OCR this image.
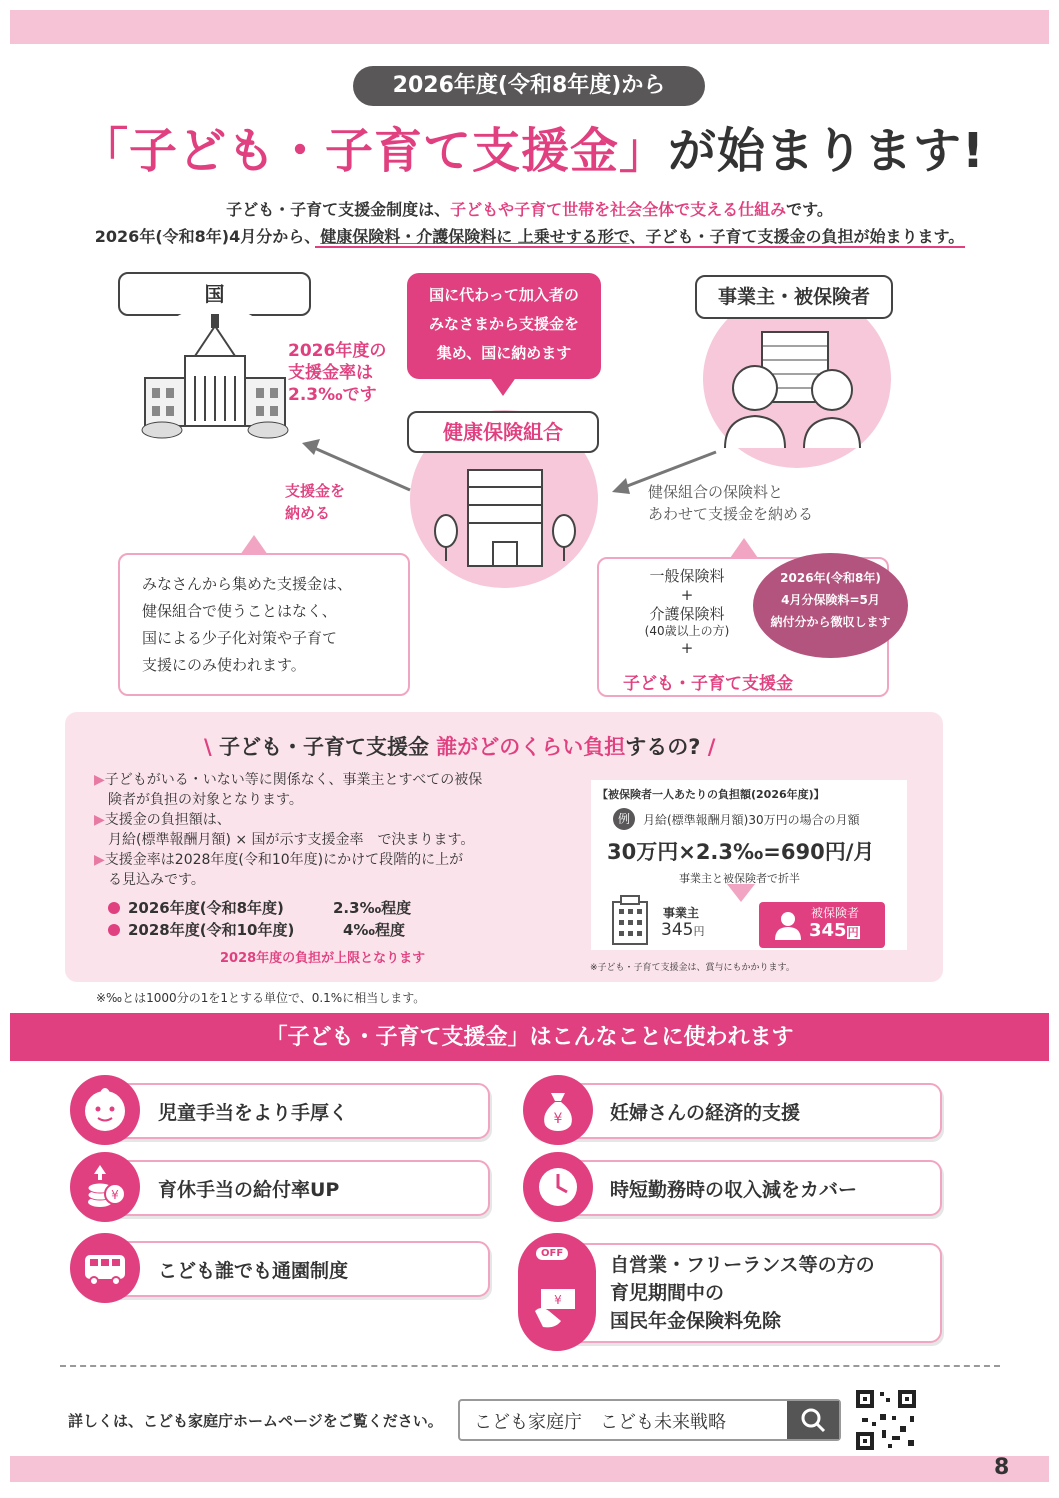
2026年度(令和8年度)から
「子ども・子育て支援金」が始まります!
子ども・子育て支援金制度は、子どもや子育て世帯を社会全体で支える仕組みです。
2026年(令和8年)4月分から、健康保険料・介護保険料に 上乗せする形で、子ども・子育て支援金の負担が始まります。
国
2026年度の
支援金率は
2.3‰です
国に代わって加入者の
みなさまから支援金を
集め、国に納めます
健康保険組合
事業主・被保険者
支援金を
納める
健保組合の保険料と
あわせて支援金を納める
みなさんから集めた支援金は、
健保組合で使うことはなく、
国による少子化対策や子育て
支援にのみ使われます。
一般保険料
+
介護保険料
(40歳以上の方)
+
子ども・子育て支援金
2026年(令和8年)
4月分保険料=5月
納付分から徴収します
\ 子ども・子育て支援金 誰がどのくらい負担するの? /
▶子どもがいる・いない等に関係なく、事業主とすべての被保
険者が負担の対象となります。
▶支援金の負担額は、
月給(標準報酬月額) × 国が示す支援金率　で決まります。
▶支援金率は2028年度(令和10年度)にかけて段階的に上が
る見込みです。
2026年度(令和8年度)	2.3‰程度
2028年度(令和10年度)	4‰程度
2028年度の負担が上限となります
【被保険者一人あたりの負担額(2026年度)】
例	月給(標準報酬月額)30万円の場合の月額
30万円×2.3‰=690円/月
事業主と被保険者で折半
事業主
345円
被保険者
345円
※子ども・子育て支援金は、賞与にもかかります。
※‰とは1000分の1を1とする単位で、0.1%に相当します。
「子ども・子育て支援金」はこんなことに使われます
児童手当をより手厚く	妊婦さんの経済的支援
¥
育休手当の給付率UP
¥	時短勤務時の収入減をカバー
こども誰でも通園制度	自営業・フリーランス等の方の
育児期間中の
国民年金保険料免除
OFF
¥
詳しくは、こども家庭庁ホームページをご覧ください。 こども家庭庁　こども未来戦略
8
